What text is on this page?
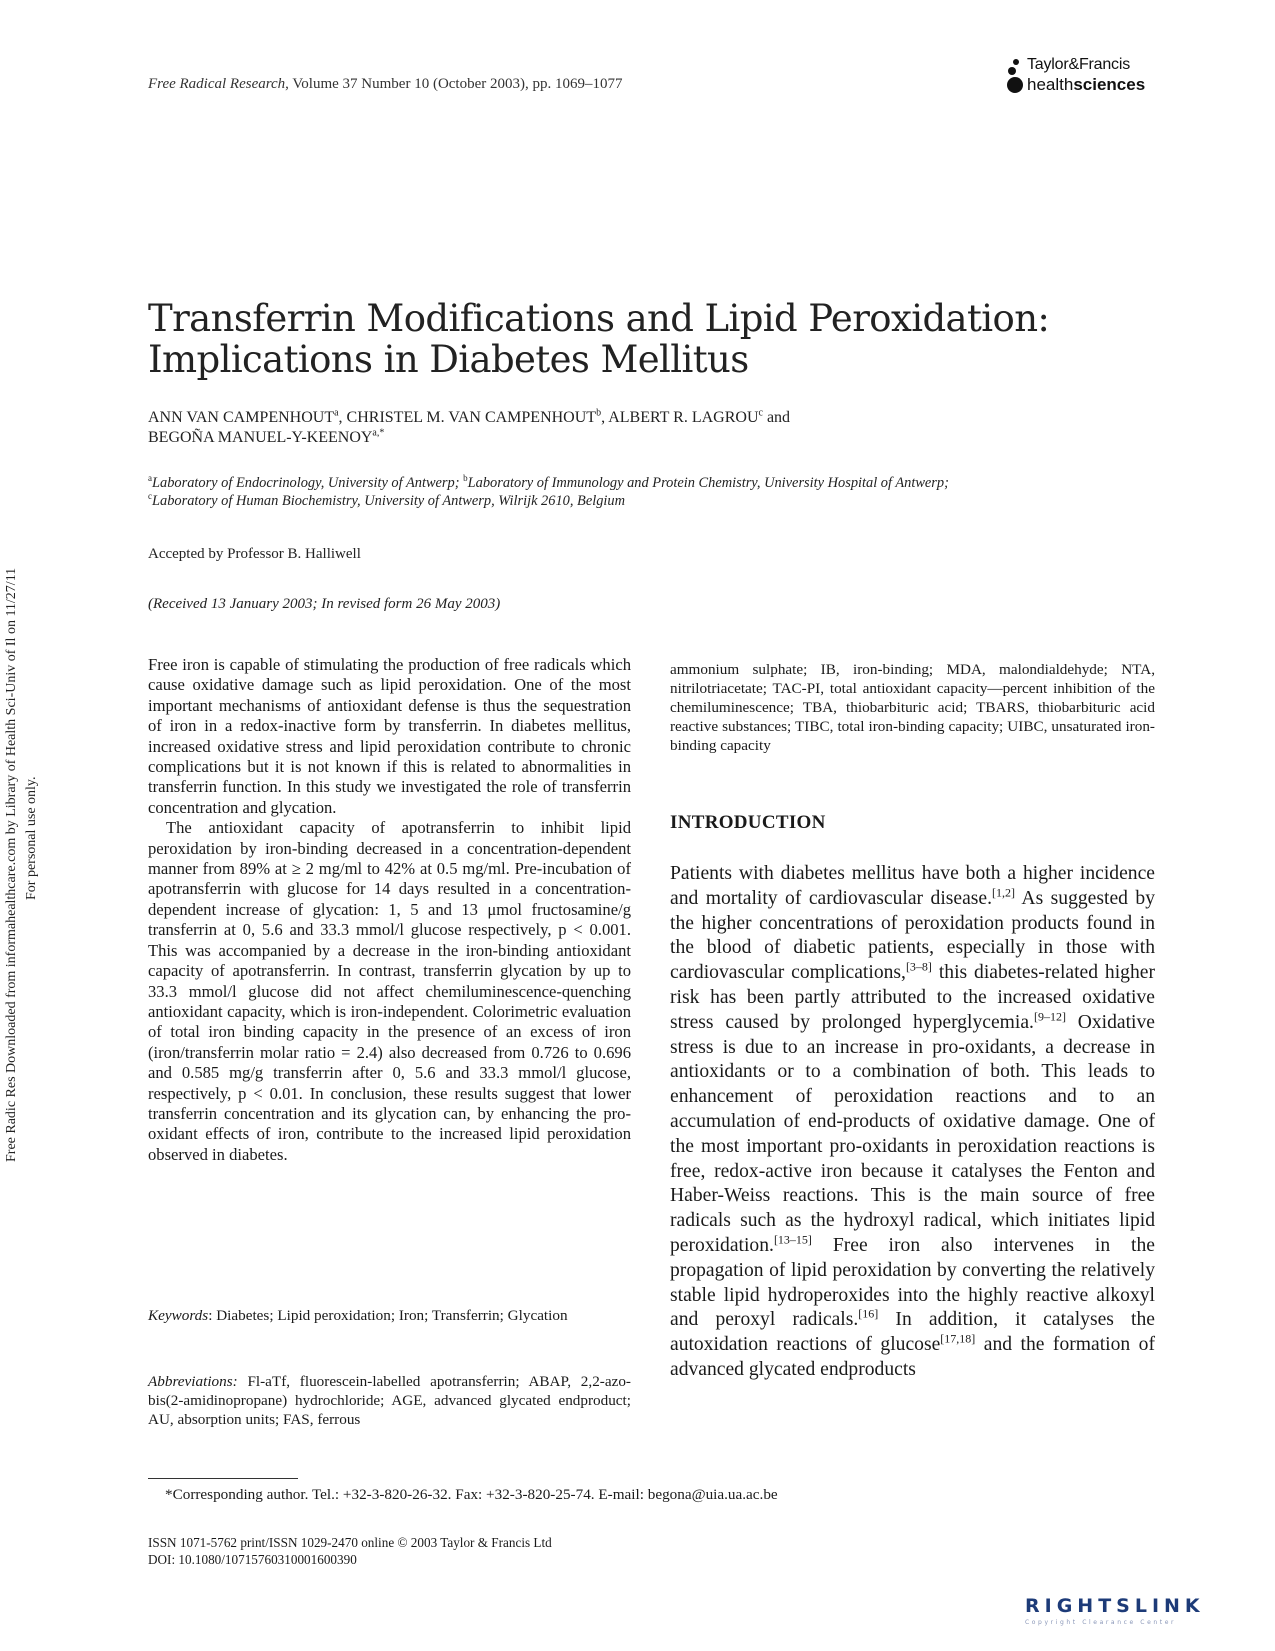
Free Radic Res Downloaded from informahealthcare.com by Library of Health Sci-Univ of Il on 11/27/11 For personal use only.
Free Radical Research, Volume 37 Number 10 (October 2003), pp. 1069–1077
Taylor&Francis
healthsciences
Transferrin Modifications and Lipid Peroxidation:
Implications in Diabetes Mellitus
ANN VAN CAMPENHOUT$^a$, CHRISTEL M. VAN CAMPENHOUT$^b$, ALBERT R. LAGROU$^c$ and
BEGOÑA MANUEL-$Y-KEENOY^{a,*}$
$^a$Laboratory of Endocrinology, University of Antwerp; $^b$Laboratory of Immunology and Protein Chemistry, University Hospital of Antwerp;
$^c$Laboratory of Human Biochemistry, University of Antwerp, Wilrijk 2610, Belgium
Accepted by Professor B. Halliwell
(Received 13 January 2003; In revised form 26 May 2003)

Free iron is capable of stimulating the production of free radicals which cause oxidative damage such as lipid peroxidation. One of the most important mechanisms of antioxidant defense is thus the sequestration of iron in a redox-inactive form by transferrin. In diabetes mellitus, increased oxidative stress and lipid peroxidation contribute to chronic complications but it is not known if this is related to abnormalities in transferrin function. In this study we investigated the role of transferrin concentration and glycation.

The antioxidant capacity of apotransferrin to inhibit lipid peroxidation by iron-binding decreased in a concentration-dependent manner from 89% at ≥ 2 mg/ml to 42% at 0.5 mg/ml. Pre-incubation of apotransferrin with glucose for 14 days resulted in a concentration-dependent increase of glycation: 1, 5 and 13 μmol fructosamine/g transferrin at 0, 5.6 and 33.3 mmol/l glucose respectively, p < 0.001. This was accompanied by a decrease in the iron-binding antioxidant capacity of apotransferrin. In contrast, transferrin glycation by up to 33.3 mmol/l glucose did not affect chemiluminescence-quenching antioxidant capacity, which is iron-independent. Colorimetric evaluation of total iron binding capacity in the presence of an excess of iron (iron/transferrin molar ratio = 2.4) also decreased from 0.726 to 0.696 and 0.585 mg/g transferrin after 0, 5.6 and 33.3 mmol/l glucose, respectively, p < 0.01. In conclusion, these results suggest that lower transferrin concentration and its glycation can, by enhancing the pro-oxidant effects of iron, contribute to the increased lipid peroxidation observed in diabetes.

Keywords: Diabetes; Lipid peroxidation; Iron; Transferrin; Glycation
Abbreviations: Fl-aTf, fluorescein-labelled apotransferrin; ABAP, 2,2-azo-bis(2-amidinopropane) hydrochloride; AGE, advanced glycated endproduct; AU, absorption units; FAS, ferrous
ammonium sulphate; IB, iron-binding; MDA, malondialdehyde; NTA, nitrilotriacetate; TAC-PI, total antioxidant capacity—percent inhibition of the chemiluminescence; TBA, thiobarbituric acid; TBARS, thiobarbituric acid reactive substances; TIBC, total iron-binding capacity; UIBC, unsaturated iron-binding capacity
INTRODUCTION
Patients with diabetes mellitus have both a higher incidence and mortality of cardiovascular disease.[1,2] As suggested by the higher concentrations of peroxidation products found in the blood of diabetic patients, especially in those with cardiovascular complications,[3–8] this diabetes-related higher risk has been partly attributed to the increased oxidative stress caused by prolonged hyperglycemia.[9–12] Oxidative stress is due to an increase in pro-oxidants, a decrease in antioxidants or to a combination of both. This leads to enhancement of peroxidation reactions and to an accumulation of end-products of oxidative damage. One of the most important pro-oxidants in peroxidation reactions is free, redox-active iron because it catalyses the Fenton and Haber-Weiss reactions. This is the main source of free radicals such as the hydroxyl radical, which initiates lipid peroxidation.[13–15] Free iron also intervenes in the propagation of lipid peroxidation by converting the relatively stable lipid hydroperoxides into the highly reactive alkoxyl and peroxyl radicals.[16] In addition, it catalyses the autoxidation reactions of glucose[17,18] and the formation of advanced glycated endproducts
*Corresponding author. Tel.: +32-3-820-26-32. Fax: +32-3-820-25-74. E-mail: begona@uia.ua.ac.be
ISSN 1071-5762 print/ISSN 1029-2470 online © 2003 Taylor & Francis Ltd
DOI: 10.1080/10715760310001600390
RIGHTSLINK
Copyright Clearance Center
